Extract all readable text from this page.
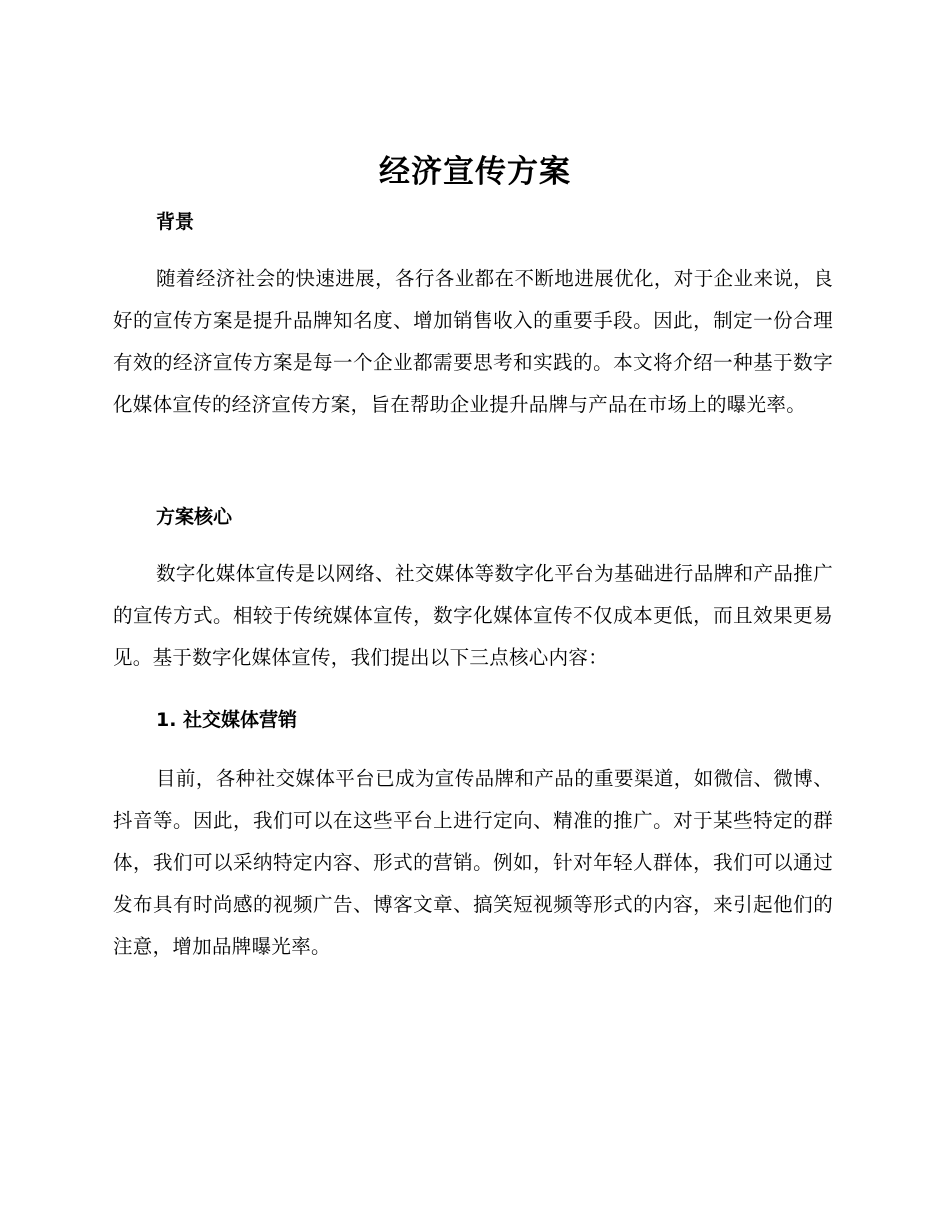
经济宣传方案
背景
随着经济社会的快速进展，各行各业都在不断地进展优化，对于企业来说，良好的宣传方案是提升品牌知名度、增加销售收入的重要手段。因此，制定一份合理有效的经济宣传方案是每一个企业都需要思考和实践的。本文将介绍一种基于数字化媒体宣传的经济宣传方案，旨在帮助企业提升品牌与产品在市场上的曝光率。
方案核心
数字化媒体宣传是以网络、社交媒体等数字化平台为基础进行品牌和产品推广的宣传方式。相较于传统媒体宣传，数字化媒体宣传不仅成本更低，而且效果更易见。基于数字化媒体宣传，我们提出以下三点核心内容：
1. 社交媒体营销
目前，各种社交媒体平台已成为宣传品牌和产品的重要渠道，如微信、微博、抖音等。因此，我们可以在这些平台上进行定向、精准的推广。对于某些特定的群体，我们可以采纳特定内容、形式的营销。例如，针对年轻人群体，我们可以通过发布具有时尚感的视频广告、博客文章、搞笑短视频等形式的内容，来引起他们的注意，增加品牌曝光率。
